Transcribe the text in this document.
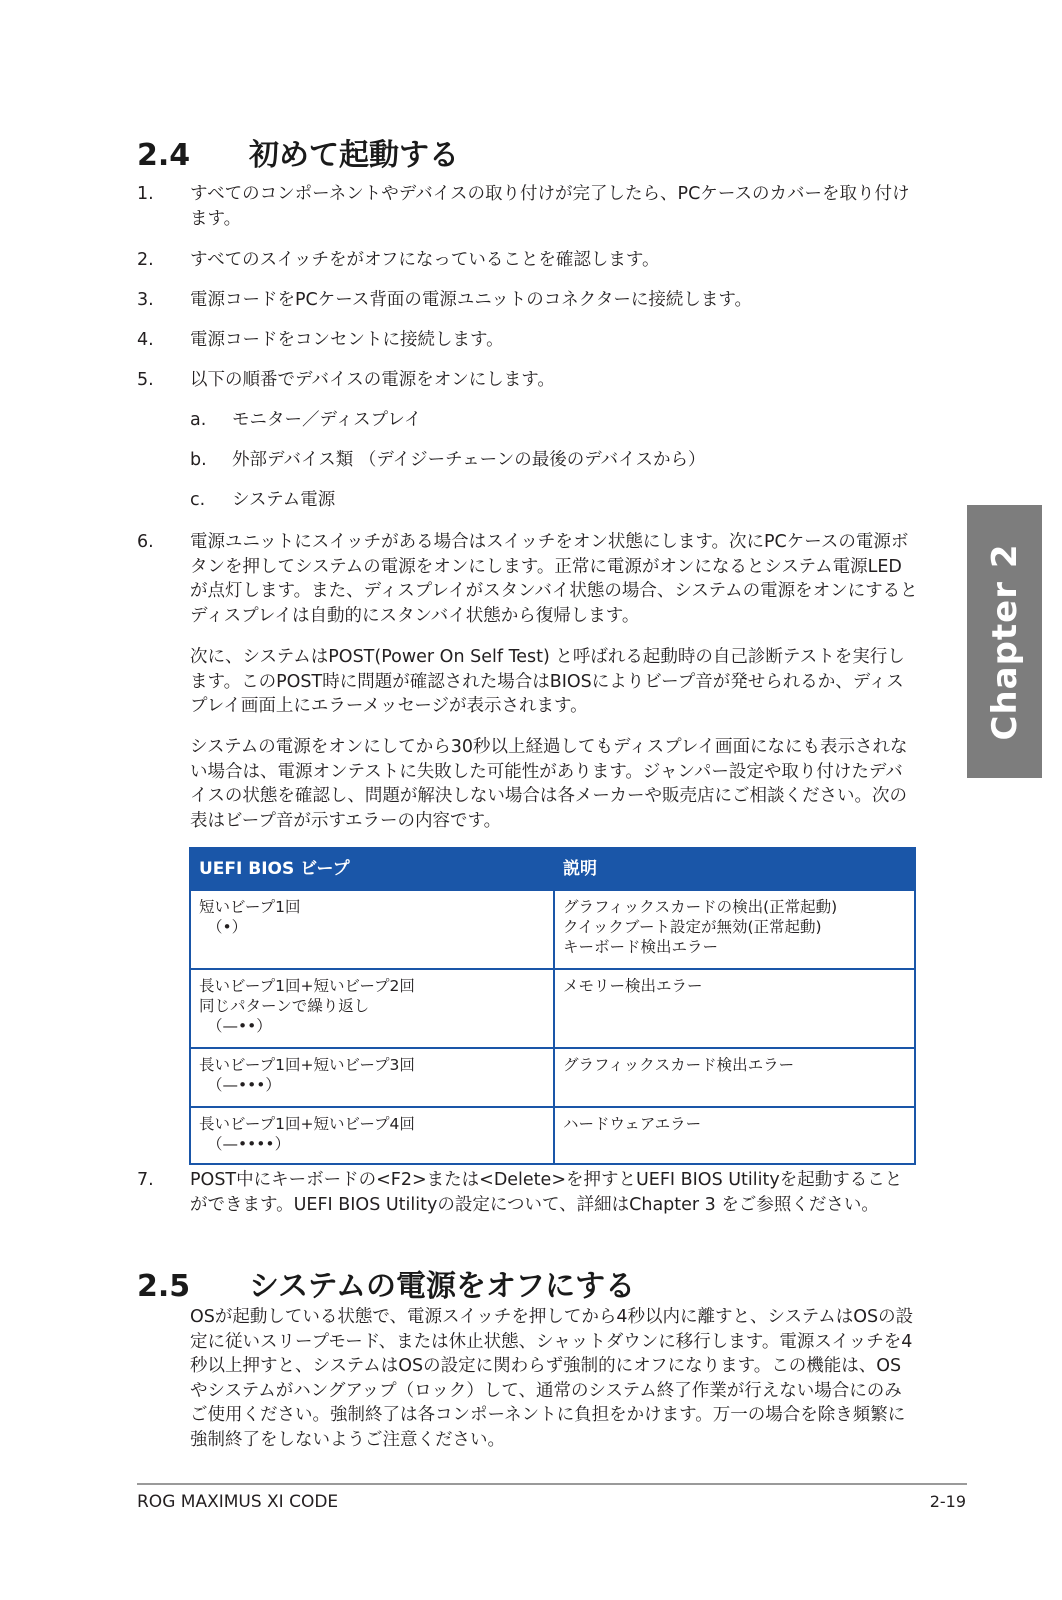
2.4 初めて起動する
1. すべてのコンポーネントやデバイスの取り付けが完了したら、PCケースのカバーを取り付けます。
2. すべてのスイッチをがオフになっていることを確認します。
3. 電源コードをPCケース背面の電源ユニットのコネクターに接続します。
4. 電源コードをコンセントに接続します。
5. 以下の順番でデバイスの電源をオンにします。
a. モニター／ディスプレイ
b. 外部デバイス類 （デイジーチェーンの最後のデバイスから）
c. システム電源
6. 電源ユニットにスイッチがある場合はスイッチをオン状態にします。次にPCケースの電源ボタンを押してシステムの電源をオンにします。正常に電源がオンになるとシステム電源LEDが点灯します。また、ディスプレイがスタンバイ状態の場合、システムの電源をオンにするとディスプレイは自動的にスタンバイ状態から復帰します。
次に、システムはPOST(Power On Self Test) と呼ばれる起動時の自己診断テストを実行します。このPOST時に問題が確認された場合はBIOSによりビープ音が発せられるか、ディスプレイ画面上にエラーメッセージが表示されます。
システムの電源をオンにしてから30秒以上経過してもディスプレイ画面になにも表示されない場合は、電源オンテストに失敗した可能性があります。ジャンパー設定や取り付けたデバイスの状態を確認し、問題が解決しない場合は各メーカーや販売店にご相談ください。次の表はビープ音が示すエラーの内容です。
UEFI BIOS ビープ	説明

短いビープ1回
（•）	グラフィックスカードの検出(正常起動)
クイックブート設定が無効(正常起動)
キーボード検出エラー

長いビープ1回+短いビープ2回
同じパターンで繰り返し
（—••）	メモリー検出エラー

長いビープ1回+短いビープ3回
（—•••）	グラフィックスカード検出エラー

長いビープ1回+短いビープ4回
（—••••）	ハードウェアエラー
7. POST中にキーボードの<F2>または<Delete>を押すとUEFI BIOS Utilityを起動することができます。UEFI BIOS Utilityの設定について、詳細はChapter 3 をご参照ください。
2.5 システムの電源をオフにする
OSが起動している状態で、電源スイッチを押してから4秒以内に離すと、システムはOSの設定に従いスリープモード、または休止状態、シャットダウンに移行します。電源スイッチを4秒以上押すと、システムはOSの設定に関わらず強制的にオフになります。この機能は、OSやシステムがハングアップ（ロック）して、通常のシステム終了作業が行えない場合にのみご使用ください。強制終了は各コンポーネントに負担をかけます。万一の場合を除き頻繁に強制終了をしないようご注意ください。
Chapter 2
ROG MAXIMUS XI CODE	2-19
